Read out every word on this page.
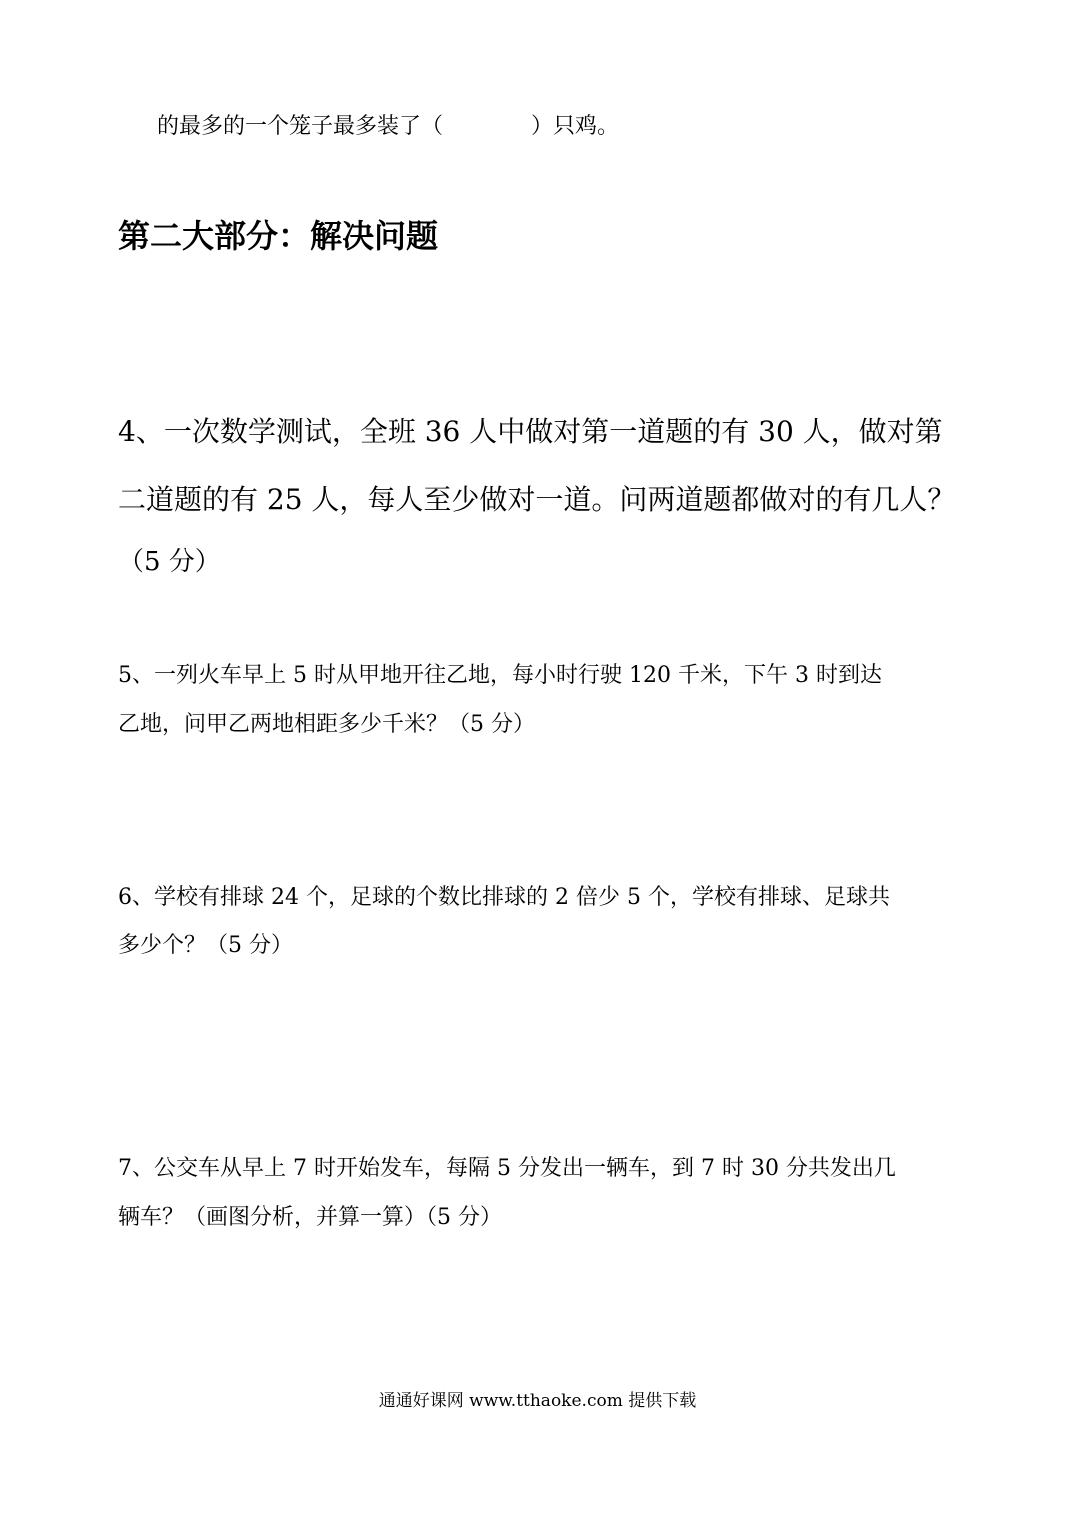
的最多的一个笼子最多装了（　　　　）只鸡。
第二大部分：解决问题
4、一次数学测试，全班 36 人中做对第一道题的有 30 人，做对第
二道题的有 25 人，每人至少做对一道。问两道题都做对的有几人？
（5 分）
5、一列火车早上 5 时从甲地开往乙地，每小时行驶 120 千米，下午 3 时到达
乙地，问甲乙两地相距多少千米？（5 分）
6、学校有排球 24 个，足球的个数比排球的 2 倍少 5 个，学校有排球、足球共
多少个？（5 分）
7、公交车从早上 7 时开始发车，每隔 5 分发出一辆车，到 7 时 30 分共发出几
辆车？（画图分析，并算一算）（5 分）
通通好课网 www.tthaoke.com 提供下载
